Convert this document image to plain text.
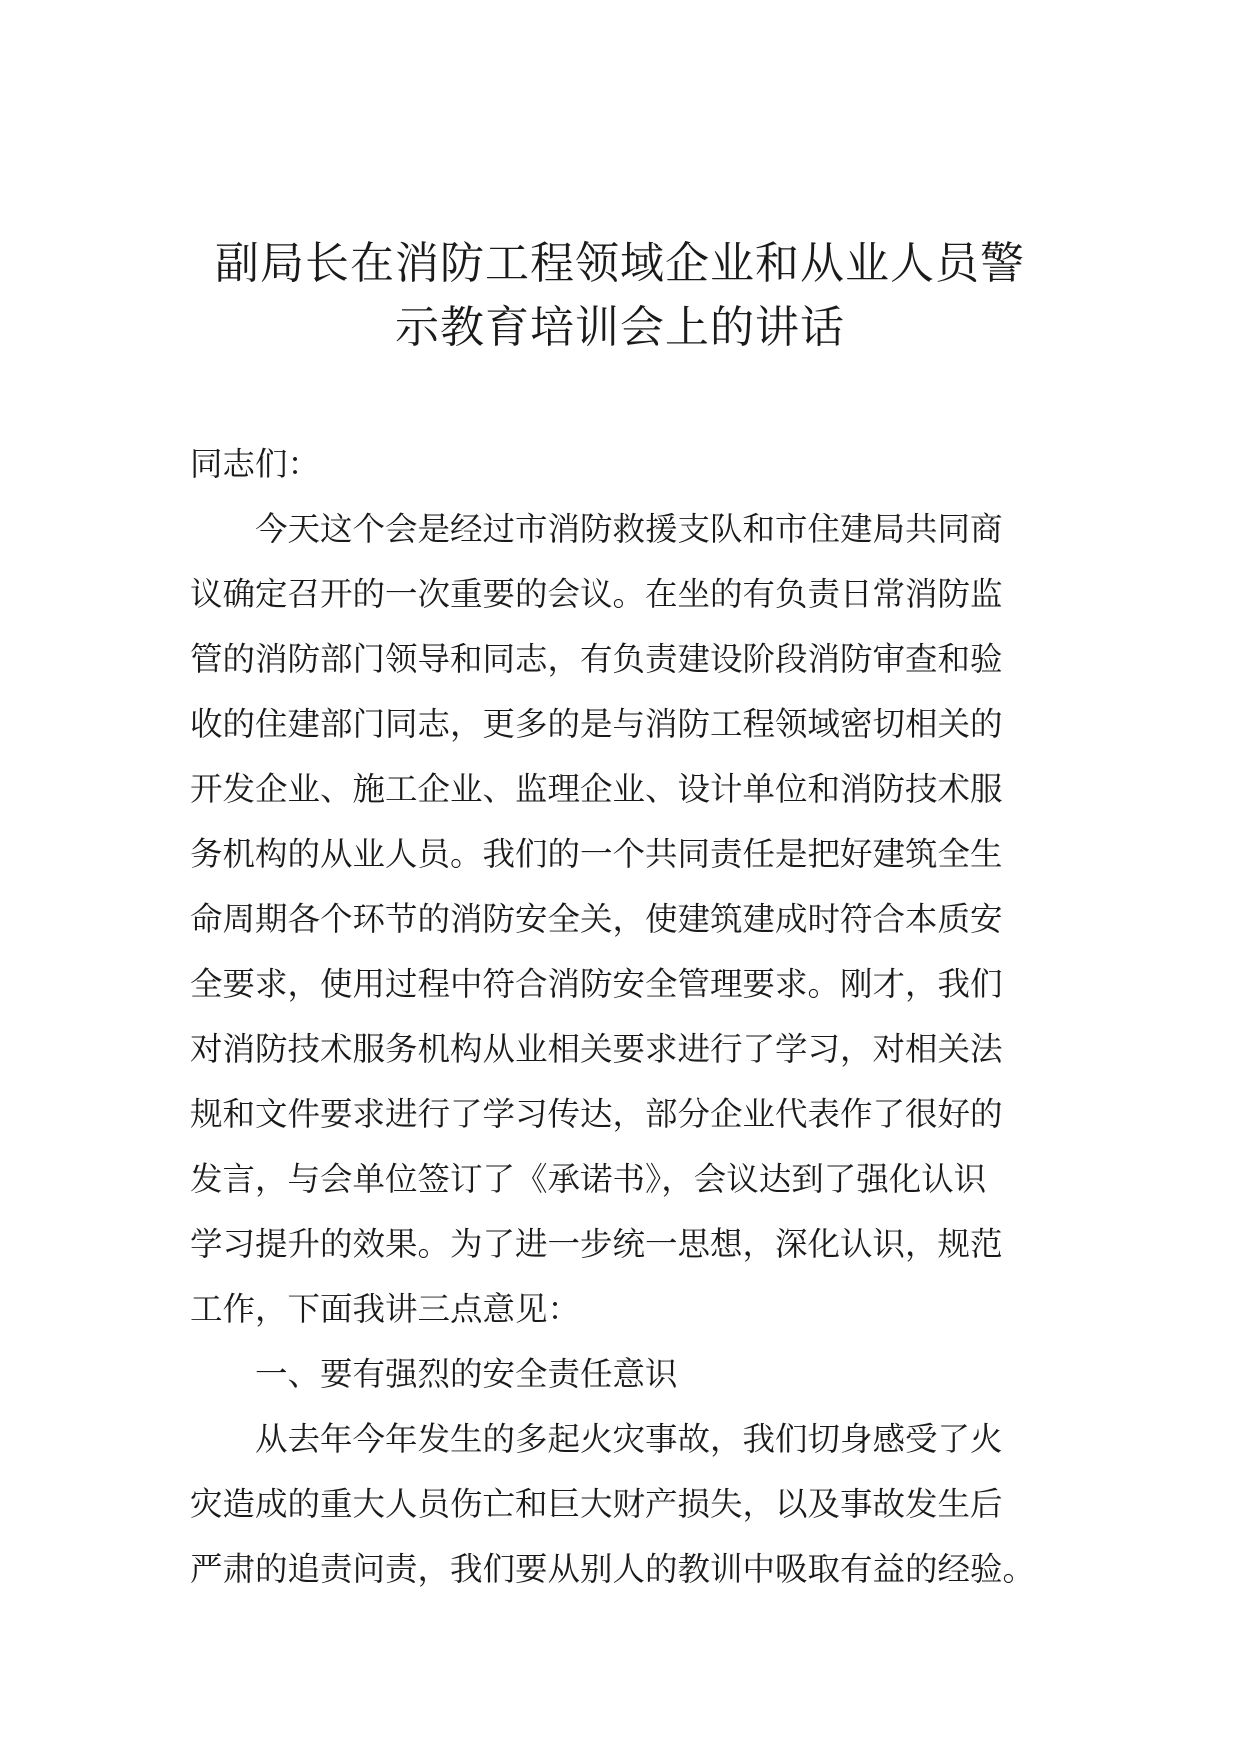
副局长在消防工程领域企业和从业人员警
示教育培训会上的讲话
同志们：
今天这个会是经过市消防救援支队和市住建局共同商
议确定召开的一次重要的会议。在坐的有负责日常消防监
管的消防部门领导和同志，有负责建设阶段消防审查和验
收的住建部门同志，更多的是与消防工程领域密切相关的
开发企业、施工企业、监理企业、设计单位和消防技术服
务机构的从业人员。我们的一个共同责任是把好建筑全生
命周期各个环节的消防安全关，使建筑建成时符合本质安
全要求，使用过程中符合消防安全管理要求。刚才，我们
对消防技术服务机构从业相关要求进行了学习，对相关法
规和文件要求进行了学习传达，部分企业代表作了很好的
发言，与会单位签订了《承诺书》，会议达到了强化认识
学习提升的效果。为了进一步统一思想，深化认识，规范
工作，下面我讲三点意见：
一、要有强烈的安全责任意识
从去年今年发生的多起火灾事故，我们切身感受了火
灾造成的重大人员伤亡和巨大财产损失，以及事故发生后
严肃的追责问责，我们要从别人的教训中吸取有益的经验。
